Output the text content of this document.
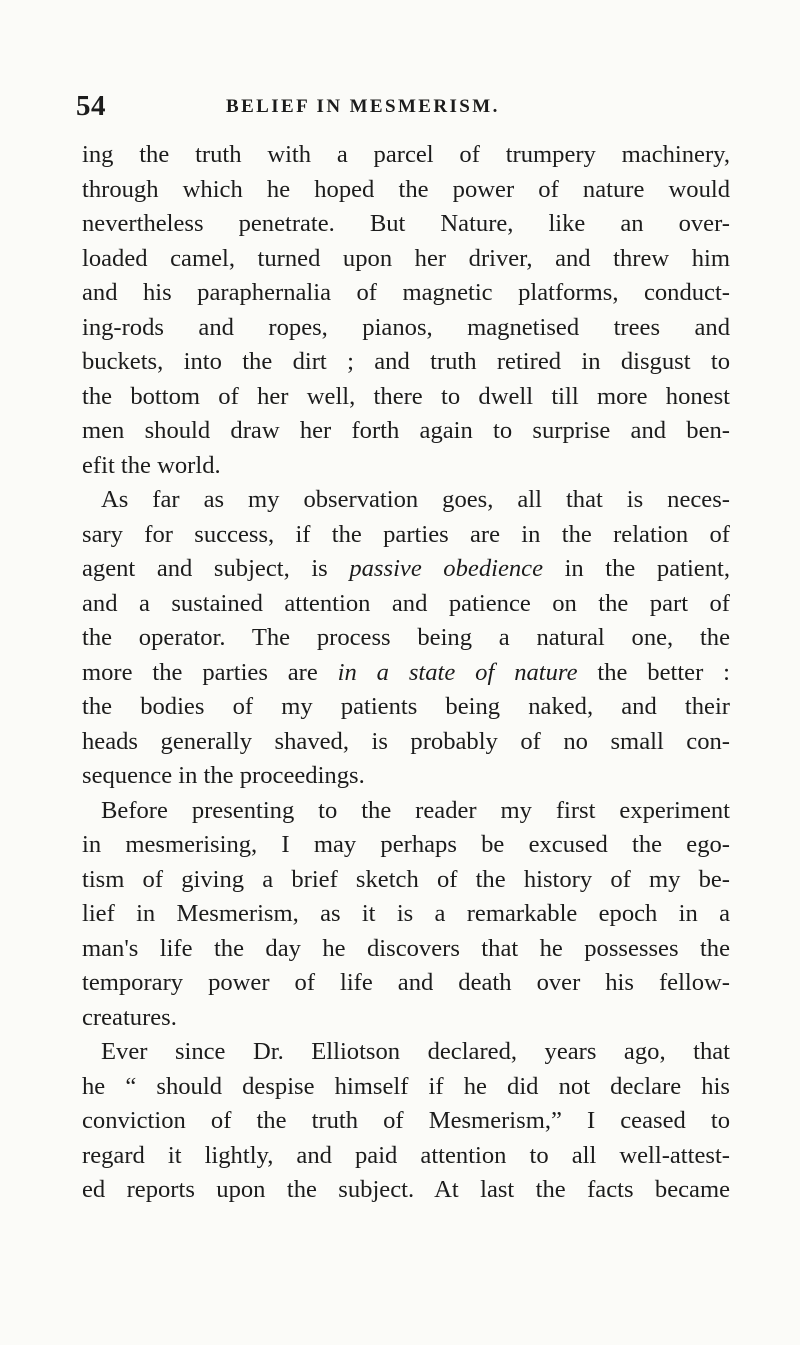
54	BELIEF IN MESMERISM.
ing the truth with a parcel of trumpery machinery,
through which he hoped the power of nature would
nevertheless penetrate. But Nature, like an over-
loaded camel, turned upon her driver, and threw him
and his paraphernalia of magnetic platforms, conduct-
ing-rods and ropes, pianos, magnetised trees and
buckets, into the dirt ; and truth retired in disgust to
the bottom of her well, there to dwell till more honest
men should draw her forth again to surprise and ben-
efit the world.
As far as my observation goes, all that is neces-
sary for success, if the parties are in the relation of
agent and subject, is passive obedience in the patient,
and a sustained attention and patience on the part of
the operator. The process being a natural one, the
more the parties are in a state of nature the better :
the bodies of my patients being naked, and their
heads generally shaved, is probably of no small con-
sequence in the proceedings.
Before presenting to the reader my first experiment
in mesmerising, I may perhaps be excused the ego-
tism of giving a brief sketch of the history of my be-
lief in Mesmerism, as it is a remarkable epoch in a
man's life the day he discovers that he possesses the
temporary power of life and death over his fellow-
creatures.
Ever since Dr. Elliotson declared, years ago, that
he “ should despise himself if he did not declare his
conviction of the truth of Mesmerism,” I ceased to
regard it lightly, and paid attention to all well-attest-
ed reports upon the subject. At last the facts became
